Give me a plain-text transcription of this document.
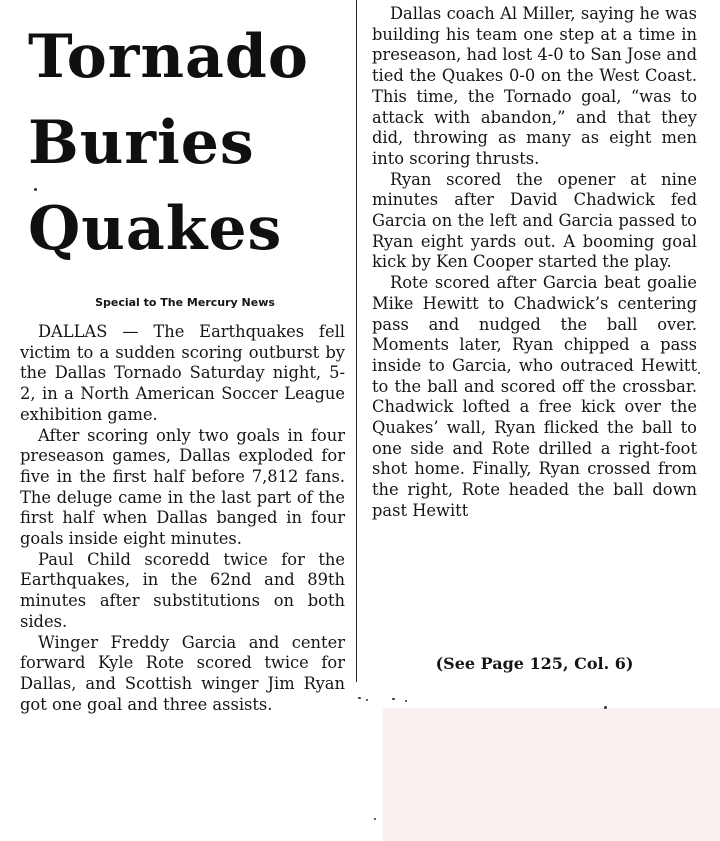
Tornado
Buries
Quakes
Special to The Mercury News

DALLAS — The Earthquakes fell victim to a sudden scoring outburst by the Dallas Tornado Saturday night, 5-2, in a North American Soccer League exhibition game.

After scoring only two goals in four preseason games, Dallas exploded for five in the first half before 7,812 fans. The deluge came in the last part of the first half when Dallas banged in four goals inside eight minutes.

Paul Child scoredd twice for the Earthquakes, in the 62nd and 89th minutes after substitutions on both sides.

Winger Freddy Garcia and center forward Kyle Rote scored twice for Dallas, and Scottish winger Jim Ryan got one goal and three assists.

Dallas coach Al Miller, saying he was building his team one step at a time in preseason, had lost 4-0 to San Jose and tied the Quakes 0-0 on the West Coast. This time, the Tornado goal, “was to attack with abandon,” and that they did, throwing as many as eight men into scoring thrusts.

Ryan scored the opener at nine minutes after David Chadwick fed Garcia on the left and Garcia passed to Ryan eight yards out. A booming goal kick by Ken Cooper started the play.

Rote scored after Garcia beat goalie Mike Hewitt to Chadwick’s centering pass and nudged the ball over. Moments later, Ryan chipped a pass inside to Garcia, who outraced Hewitt to the ball and scored off the crossbar. Chadwick lofted a free kick over the Quakes’ wall, Ryan flicked the ball to one side and Rote drilled a right-foot shot home. Finally, Ryan crossed from the right, Rote headed the ball down past Hewitt

(See Page 125, Col. 6)
